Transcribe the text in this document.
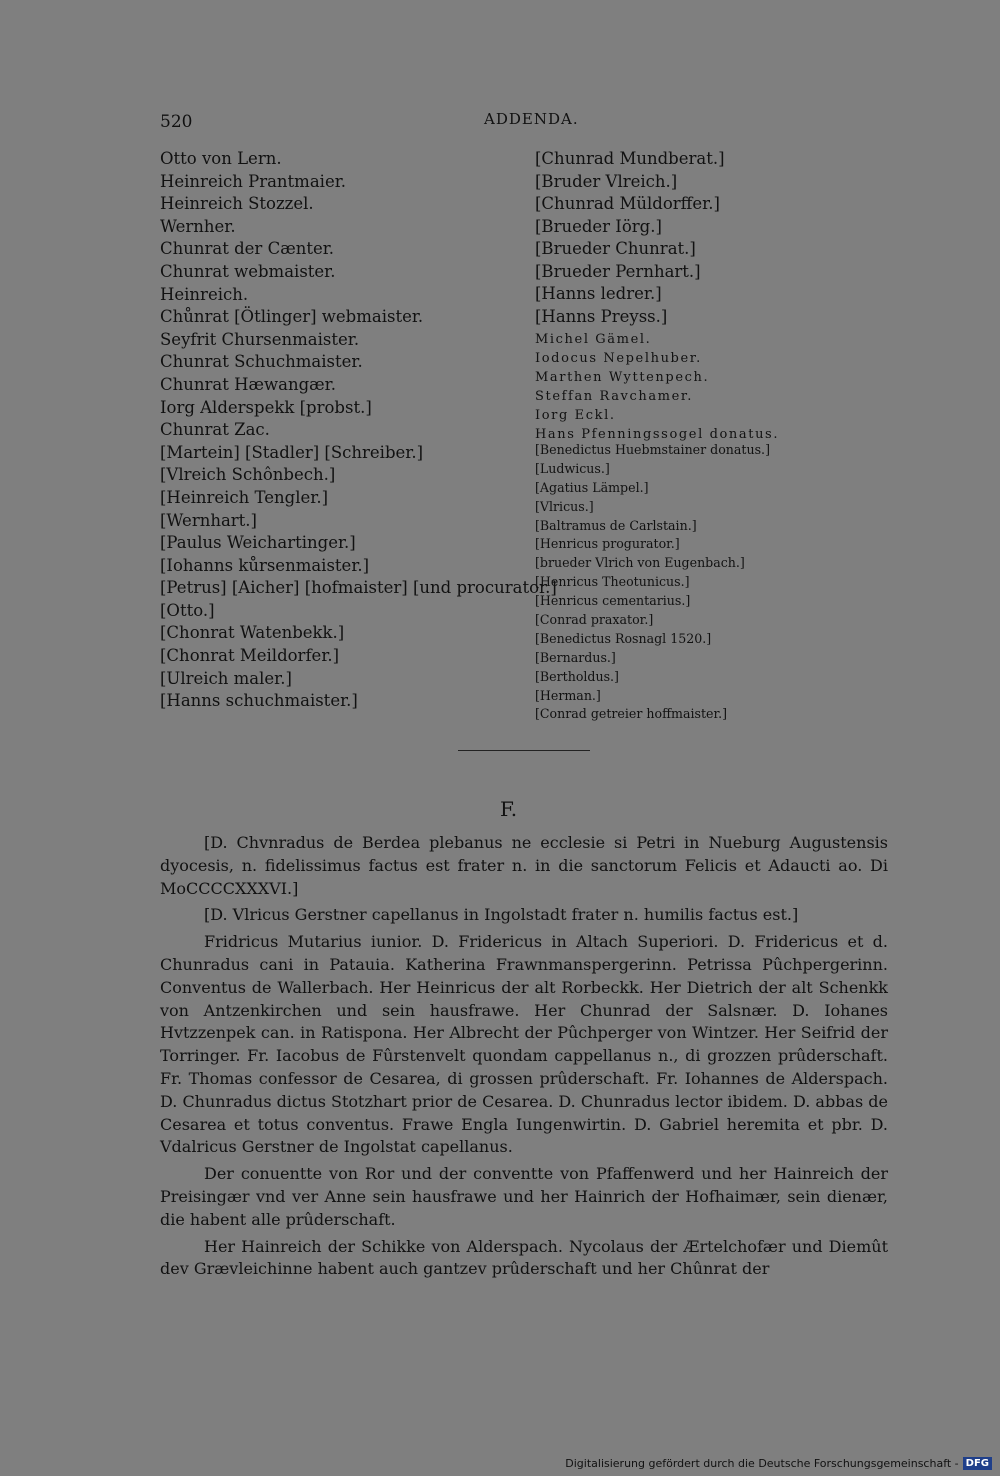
520	ADDENDA.
Otto von Lern.
Heinreich Prantmaier.
Heinreich Stozzel.
Wernher.
Chunrat der Cænter.
Chunrat webmaister.
Heinreich.
Chůnrat [Ötlinger] webmaister.
Seyfrit Chursenmaister.
Chunrat Schuchmaister.
Chunrat Hæwangær.
Iorg Alderspekk [probst.]
Chunrat Zac.
[Martein] [Stadler] [Schreiber.]
[Vlreich Schônbech.]
[Heinreich Tengler.]
[Wernhart.]
[Paulus Weichartinger.]
[Iohanns kůrsenmaister.]
[Petrus] [Aicher] [hofmaister] [und procurator.]
[Otto.]
[Chonrat Watenbekk.]
[Chonrat Meildorfer.]
[Ulreich maler.]
[Hanns schuchmaister.]
[Chunrad Mundberat.]
[Bruder Vlreich.]
[Chunrad Müldorffer.]
[Brueder Iörg.]
[Brueder Chunrat.]
[Brueder Pernhart.]
[Hanns ledrer.]
[Hanns Preyss.]
Michel Gämel.
Iodocus Nepelhuber.
Marthen Wyttenpech.
Steffan Ravchamer.
Iorg Eckl.
Hans Pfenningssogel donatus.
[Benedictus Huebmstainer donatus.]
[Ludwicus.]
[Agatius Lämpel.]
[Vlricus.]
[Baltramus de Carlstain.]
[Henricus progurator.]
[brueder Vlrich von Eugenbach.]
[Henricus Theotunicus.]
[Henricus cementarius.]
[Conrad praxator.]
[Benedictus Rosnagl 1520.]
[Bernardus.]
[Bertholdus.]
[Herman.]
[Conrad getreier hoffmaister.]
F.

[D. Chvnradus de Berdea plebanus ne ecclesie si Petri in Nueburg Augustensis dyocesis, n. fidelissimus factus est frater n. in die sanctorum Felicis et Adaucti ao. Di MoCCCCXXXVI.]

[D. Vlricus Gerstner capellanus in Ingolstadt frater n. humilis factus est.]

Fridricus Mutarius iunior. D. Fridericus in Altach Superiori. D. Fridericus et d. Chunradus cani in Patauia. Katherina Frawnmanspergerinn. Petrissa Pûchpergerinn. Conventus de Wallerbach. Her Heinricus der alt Rorbeckk. Her Dietrich der alt Schenkk von Antzenkirchen und sein hausfrawe. Her Chunrad der Salsnær. D. Iohanes Hvtzzenpek can. in Ratispona. Her Albrecht der Pûchperger von Wintzer. Her Seifrid der Torringer. Fr. Iacobus de Fûrstenvelt quondam cappellanus n., di grozzen prûderschaft. Fr. Thomas confessor de Cesarea, di grossen prûderschaft. Fr. Iohannes de Alderspach. D. Chunradus dictus Stotzhart prior de Cesarea. D. Chunradus lector ibidem. D. abbas de Cesarea et totus conventus. Frawe Engla Iungenwirtin. D. Gabriel heremita et pbr. D. Vdalricus Gerstner de Ingolstat capellanus.

Der conuentte von Ror und der conventte von Pfaffenwerd und her Hainreich der Preisingær vnd ver Anne sein hausfrawe und her Hainrich der Hofhaimær, sein dienær, die habent alle prûderschaft.

Her Hainreich der Schikke von Alderspach. Nycolaus der Ærtelchofær und Diemût dev Grævleichinne habent auch gantzev prûderschaft und her Chûnrat der

Digitalisierung gefördert durch die Deutsche Forschungsgemeinschaft - DFG
